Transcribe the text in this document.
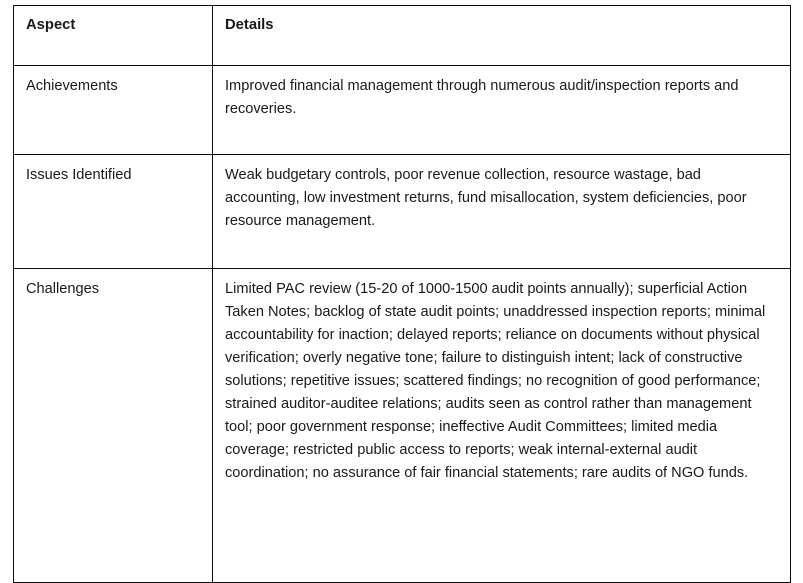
Aspect	Details

Achievements	Improved financial management through numerous audit/inspection reports and recoveries.

Issues Identified	Weak budgetary controls, poor revenue collection, resource wastage, bad accounting, low investment returns, fund misallocation, system deficiencies, poor resource management.

Challenges	Limited PAC review (15-20 of 1000-1500 audit points annually); superficial Action Taken Notes; backlog of state audit points; unaddressed inspection reports; minimal accountability for inaction; delayed reports; reliance on documents without physical verification; overly negative tone; failure to distinguish intent; lack of constructive solutions; repetitive issues; scattered findings; no recognition of good performance; strained auditor-auditee relations; audits seen as control rather than management tool; poor government response; ineffective Audit Committees; limited media coverage; restricted public access to reports; weak internal-external audit coordination; no assurance of fair financial statements; rare audits of NGO funds.
